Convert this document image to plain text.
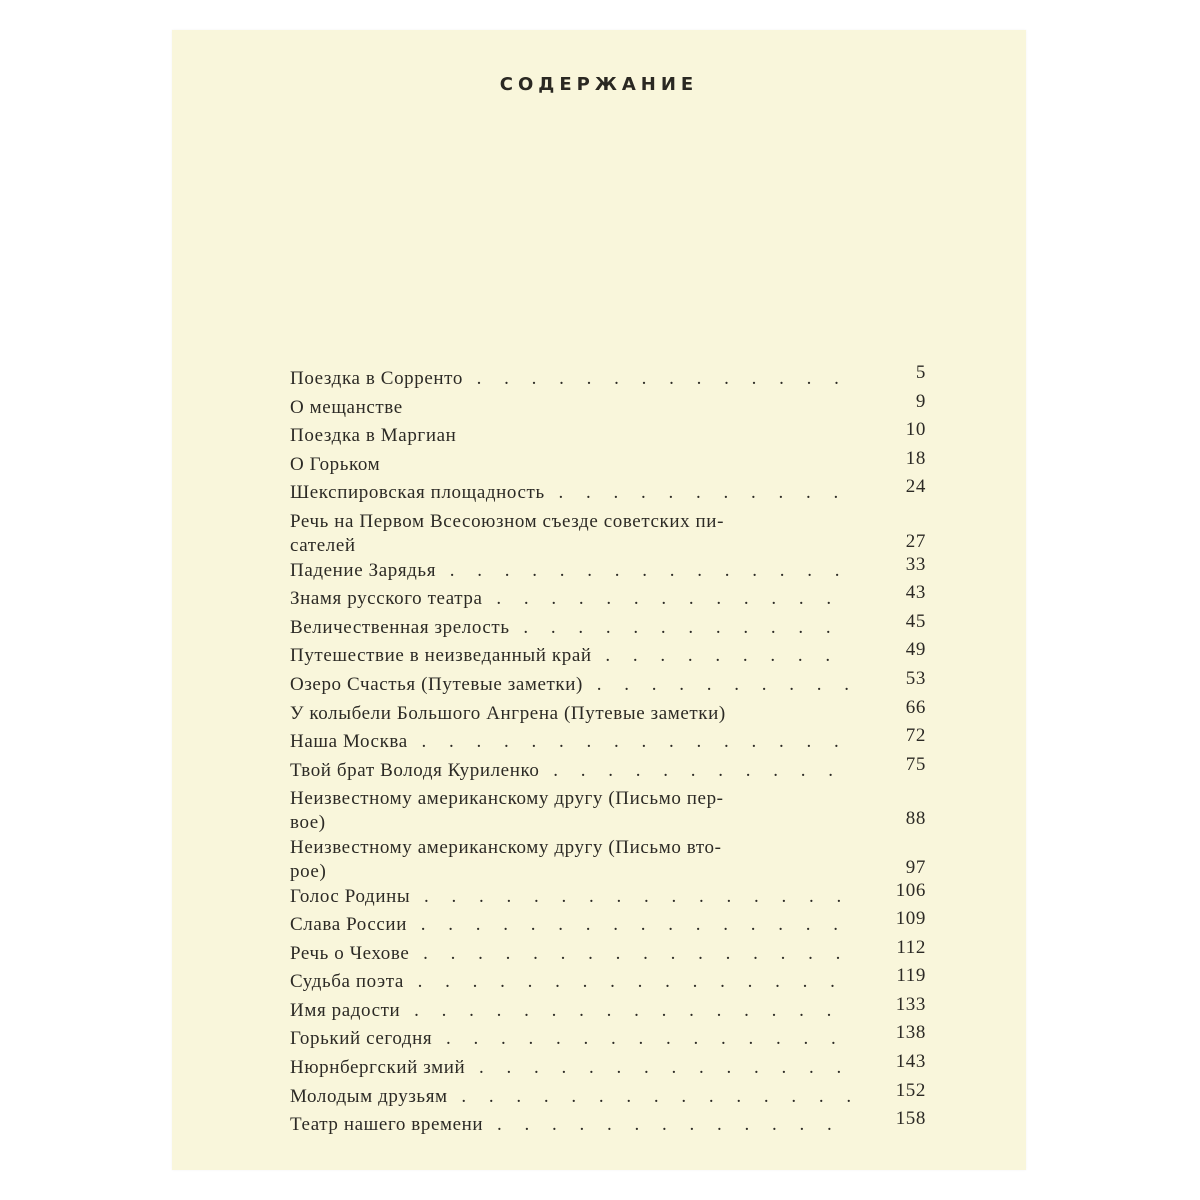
СОДЕРЖАНИЕ
Поездка в Сорренто . . .	5
О мещанстве	9
Поездка в Маргиан	10
О Горьком	18
Шекспировская площадность . . .	24
Речь на Первом Всесоюзном съезде советских пи-
сателей	27
Падение Зарядья . . .	33
Знамя русского театра . . .	43
Величественная зрелость . . .	45
Путешествие в неизведанный край . . .	49
Озеро Счастья (Путевые заметки) . . .	53
У колыбели Большого Ангрена (Путевые заметки)	66
Наша Москва . . .	72
Твой брат Володя Куриленко . . .	75
Неизвестному американскому другу (Письмо пер-
вое)	88
Неизвестному американскому другу (Письмо вто-
рое)	97
Голос Родины . . .	106
Слава России . . .	109
Речь о Чехове . . .	112
Судьба поэта . . .	119
Имя радости . . .	133
Горький сегодня . . .	138
Нюрнбергский змий . . .	143
Молодым друзьям . . .	152
Театр нашего времени . . .	158
